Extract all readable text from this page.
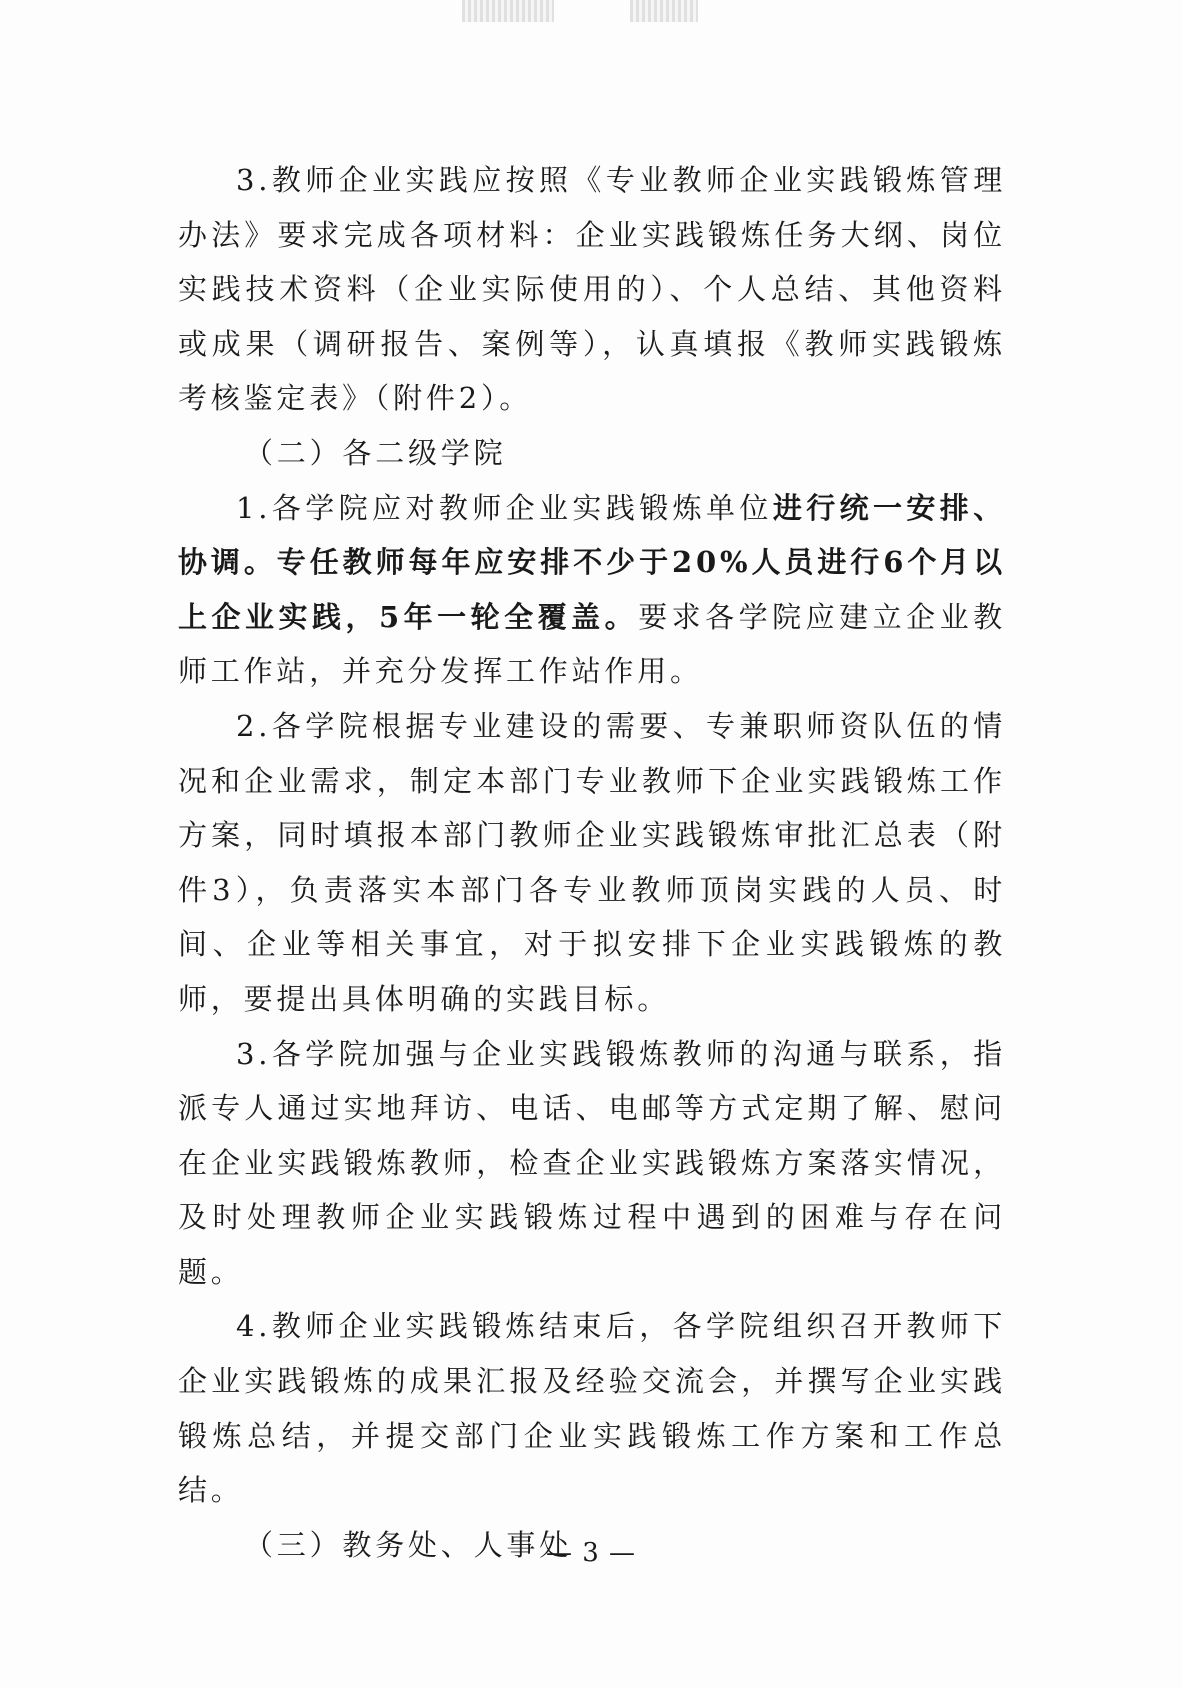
3.教师企业实践应按照《专业教师企业实践锻炼管理办法》要求完成各项材料：企业实践锻炼任务大纲、岗位实践技术资料（企业实际使用的）、个人总结、其他资料或成果（调研报告、案例等），认真填报《教师实践锻炼考核鉴定表》（附件2）。

（二）各二级学院

1.各学院应对教师企业实践锻炼单位进行统一安排、协调。专任教师每年应安排不少于20%人员进行6个月以上企业实践，5年一轮全覆盖。要求各学院应建立企业教师工作站，并充分发挥工作站作用。

2.各学院根据专业建设的需要、专兼职师资队伍的情况和企业需求，制定本部门专业教师下企业实践锻炼工作方案，同时填报本部门教师企业实践锻炼审批汇总表（附件3），负责落实本部门各专业教师顶岗实践的人员、时间、企业等相关事宜，对于拟安排下企业实践锻炼的教师，要提出具体明确的实践目标。

3.各学院加强与企业实践锻炼教师的沟通与联系，指派专人通过实地拜访、电话、电邮等方式定期了解、慰问在企业实践锻炼教师，检查企业实践锻炼方案落实情况，及时处理教师企业实践锻炼过程中遇到的困难与存在问题。

4.教师企业实践锻炼结束后，各学院组织召开教师下企业实践锻炼的成果汇报及经验交流会，并撰写企业实践锻炼总结，并提交部门企业实践锻炼工作方案和工作总结。

（三）教务处、人事处

— 3 —
